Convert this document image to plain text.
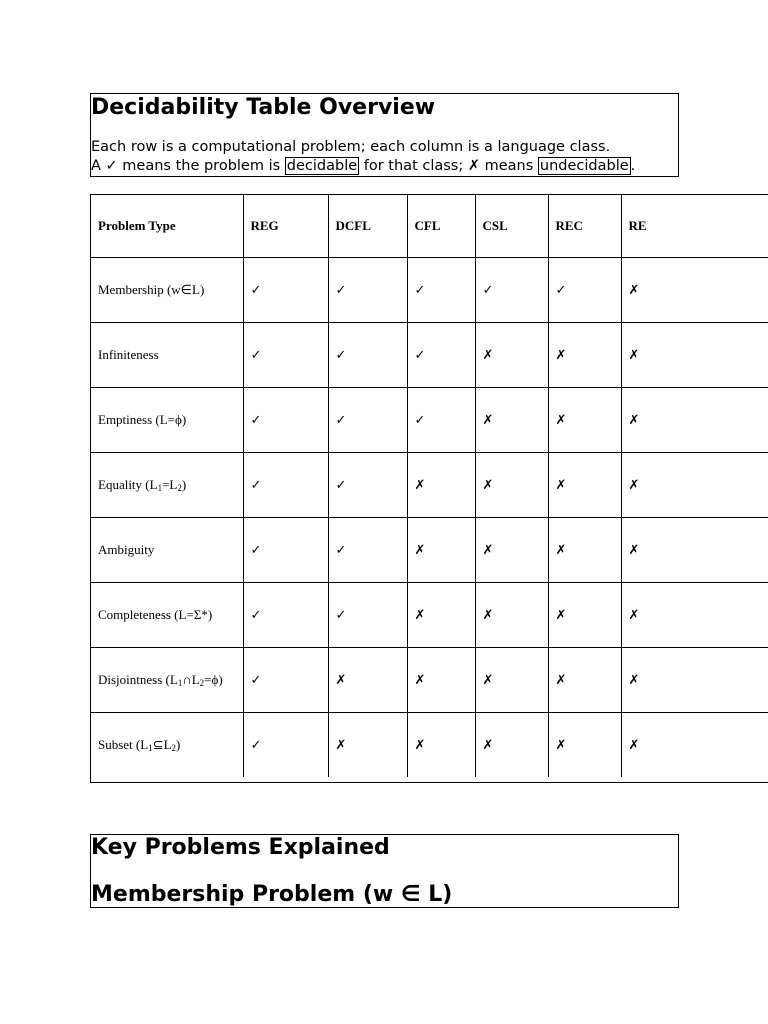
Decidability Table Overview

Each row is a computational problem; each column is a language class.

A ✓ means the problem is decidable for that class; ✗ means undecidable .

Problem Type	REG	DCFL	CFL	CSL	REC	RE
Membership (w∈L)	✓	✓	✓	✓	✓	✗
Infiniteness	✓	✓	✓	✗	✗	✗
Emptiness (L=ϕ)	✓	✓	✓	✗	✗	✗
Equality $(L_1=L_2)$	✓	✓	✗	✗	✗	✗
Ambiguity	✓	✓	✗	✗	✗	✗
Completeness (L=Σ*)	✓	✓	✗	✗	✗	✗
Disjointness $(L_1\cap L_2=\phi)$	✓	✗	✗	✗	✗	✗
Subset $(L_1⊆L_2)$	✓	✗	✗	✗	✗	✗
Key Problems Explained
Membership Problem (w ∈ L)
